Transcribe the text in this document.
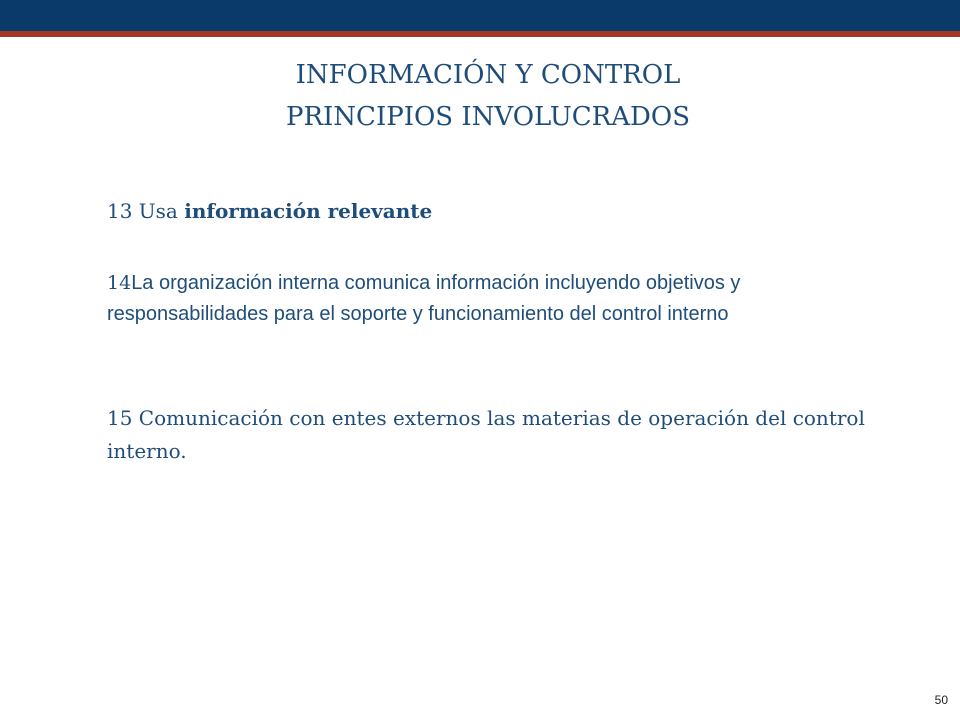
INFORMACIÓN Y CONTROL
PRINCIPIOS INVOLUCRADOS
13 Usa información relevante
14La organización interna comunica información incluyendo objetivos y responsabilidades para el soporte y funcionamiento del control interno
15 Comunicación con entes externos las materias de operación del control interno.
50
